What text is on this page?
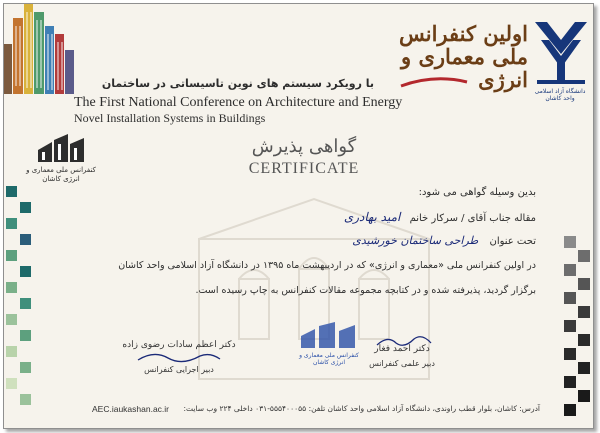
دانشگاه آزاد اسلامی واحد کاشان
اولین کنفرانس ملی معماری و انرژی
با رویکرد سیستم های نوین تاسیساتی در ساختمان
The First National Conference on Architecture and Energy
Novel Installation Systems in Buildings
کنفرانس ملی معماری و انرژی کاشان
گواهی پذیرش
CERTIFICATE
بدین وسیله گواهی می شود:
مقاله جناب آقای / سرکار خانم امید بهادری
تحت عنوان طراحی ساختمان خورشیدی
در اولین کنفرانس ملی «معماری و انرژی» که در اردیبهشت ماه ۱۳۹۵ در دانشگاه آزاد اسلامی واحد کاشان
برگزار گردید، پذیرفته شده و در کتابچه مجموعه مقالات کنفرانس به چاپ رسیده است.
دکتر اعظم سادات رضوی زاده
دبیر اجرایی کنفرانس
کنفرانس ملی معماری و انرژی کاشان
دکتر احمد فغار
دبیر علمی کنفرانس
AEC.iaukashan.ac.ir	آدرس: کاشان، بلوار قطب راوندی، دانشگاه آزاد اسلامی واحد کاشان تلفن: ۵۵۵۴۰۰۰۵۵-۰۳۱ داخلی ۲۲۴ وب سایت:
